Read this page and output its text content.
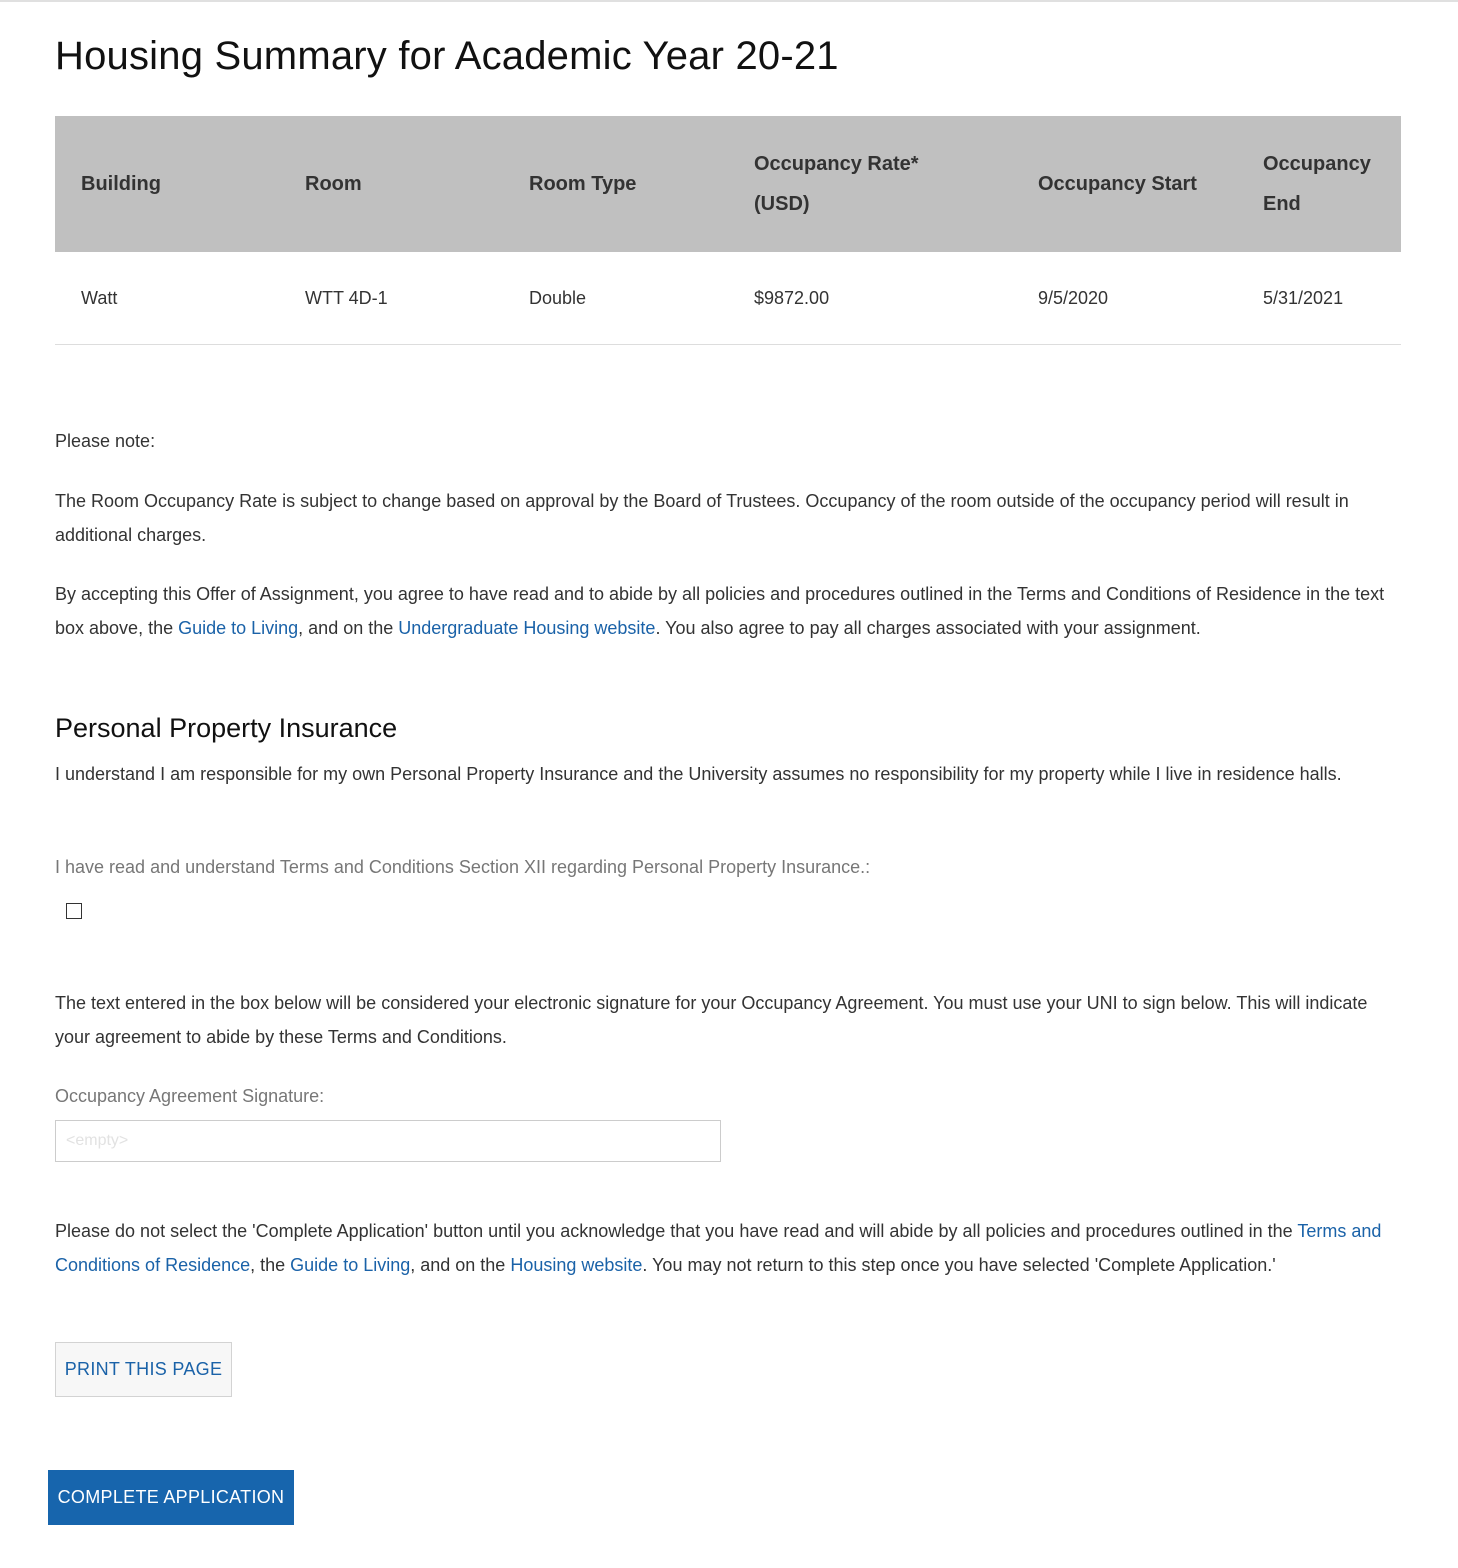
Housing Summary for Academic Year 20-21
Building	Room	Room Type	Occupancy Rate* (USD)	Occupancy Start	Occupancy End
Watt	WTT 4D-1	Double	$9872.00	9/5/2020	5/31/2021

Please note:

The Room Occupancy Rate is subject to change based on approval by the Board of Trustees. Occupancy of the room outside of the occupancy period will result in additional charges.

By accepting this Offer of Assignment, you agree to have read and to abide by all policies and procedures outlined in the Terms and Conditions of Residence in the text box above, the Guide to Living, and on the Undergraduate Housing website. You also agree to pay all charges associated with your assignment.

Personal Property Insurance

I understand I am responsible for my own Personal Property Insurance and the University assumes no responsibility for my property while I live in residence halls.

I have read and understand Terms and Conditions Section XII regarding Personal Property Insurance.:

The text entered in the box below will be considered your electronic signature for your Occupancy Agreement. You must use your UNI to sign below. This will indicate your agreement to abide by these Terms and Conditions.

Occupancy Agreement Signature:

<empty>

Please do not select the 'Complete Application' button until you acknowledge that you have read and will abide by all policies and procedures outlined in the Terms and Conditions of Residence, the Guide to Living, and on the Housing website. You may not return to this step once you have selected 'Complete Application.'

PRINT THIS PAGE
COMPLETE APPLICATION
